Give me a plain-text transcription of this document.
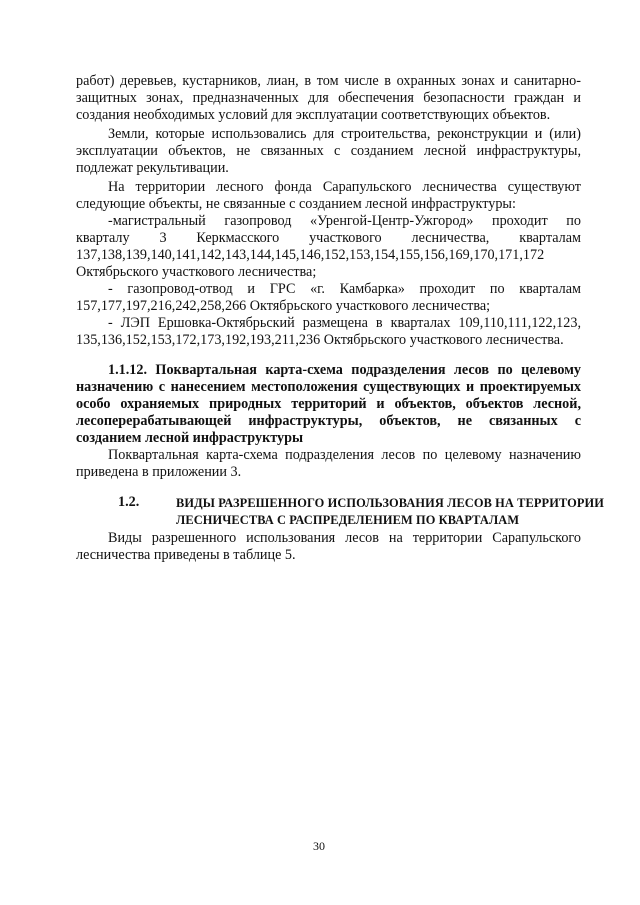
работ) деревьев, кустарников, лиан, в том числе в охранных зонах и санитарно-
защитных зонах, предназначенных для обеспечения безопасности граждан и
создания необходимых условий для эксплуатации соответствующих объектов.
Земли, которые использовались для строительства, реконструкции и (или)
эксплуатации объектов, не связанных с созданием лесной инфраструктуры,
подлежат рекультивации.
На территории лесного фонда Сарапульского лесничества существуют
следующие объекты, не связанные с созданием лесной инфраструктуры:
-магистральный газопровод «Уренгой-Центр-Ужгород» проходит по
кварталу 3 Керкмасского участкового лесничества, кварталам
137,138,139,140,141,142,143,144,145,146,152,153,154,155,156,169,170,171,172
Октябрьского участкового лесничества;
- газопровод-отвод и ГРС «г. Камбарка» проходит по кварталам
157,177,197,216,242,258,266 Октябрьского участкового лесничества;
- ЛЭП Ершовка-Октябрьский размещена в кварталах 109,110,111,122,123,
135,136,152,153,172,173,192,193,211,236 Октябрьского участкового лесничества.
1.1.12. Поквартальная карта-схема подразделения лесов по целевому
назначению с нанесением местоположения существующих и проектируемых
особо охраняемых природных территорий и объектов, объектов лесной,
лесоперерабатывающей инфраструктуры, объектов, не связанных с
созданием лесной инфраструктуры
Поквартальная карта-схема подразделения лесов по целевому назначению
приведена в приложении 3.
1.2.	ВИДЫ РАЗРЕШЕННОГО ИСПОЛЬЗОВАНИЯ ЛЕСОВ НА ТЕРРИТОРИИ
ЛЕСНИЧЕСТВА С РАСПРЕДЕЛЕНИЕМ ПО КВАРТАЛАМ
Виды разрешенного использования лесов на территории Сарапульского
лесничества приведены в таблице 5.
30
